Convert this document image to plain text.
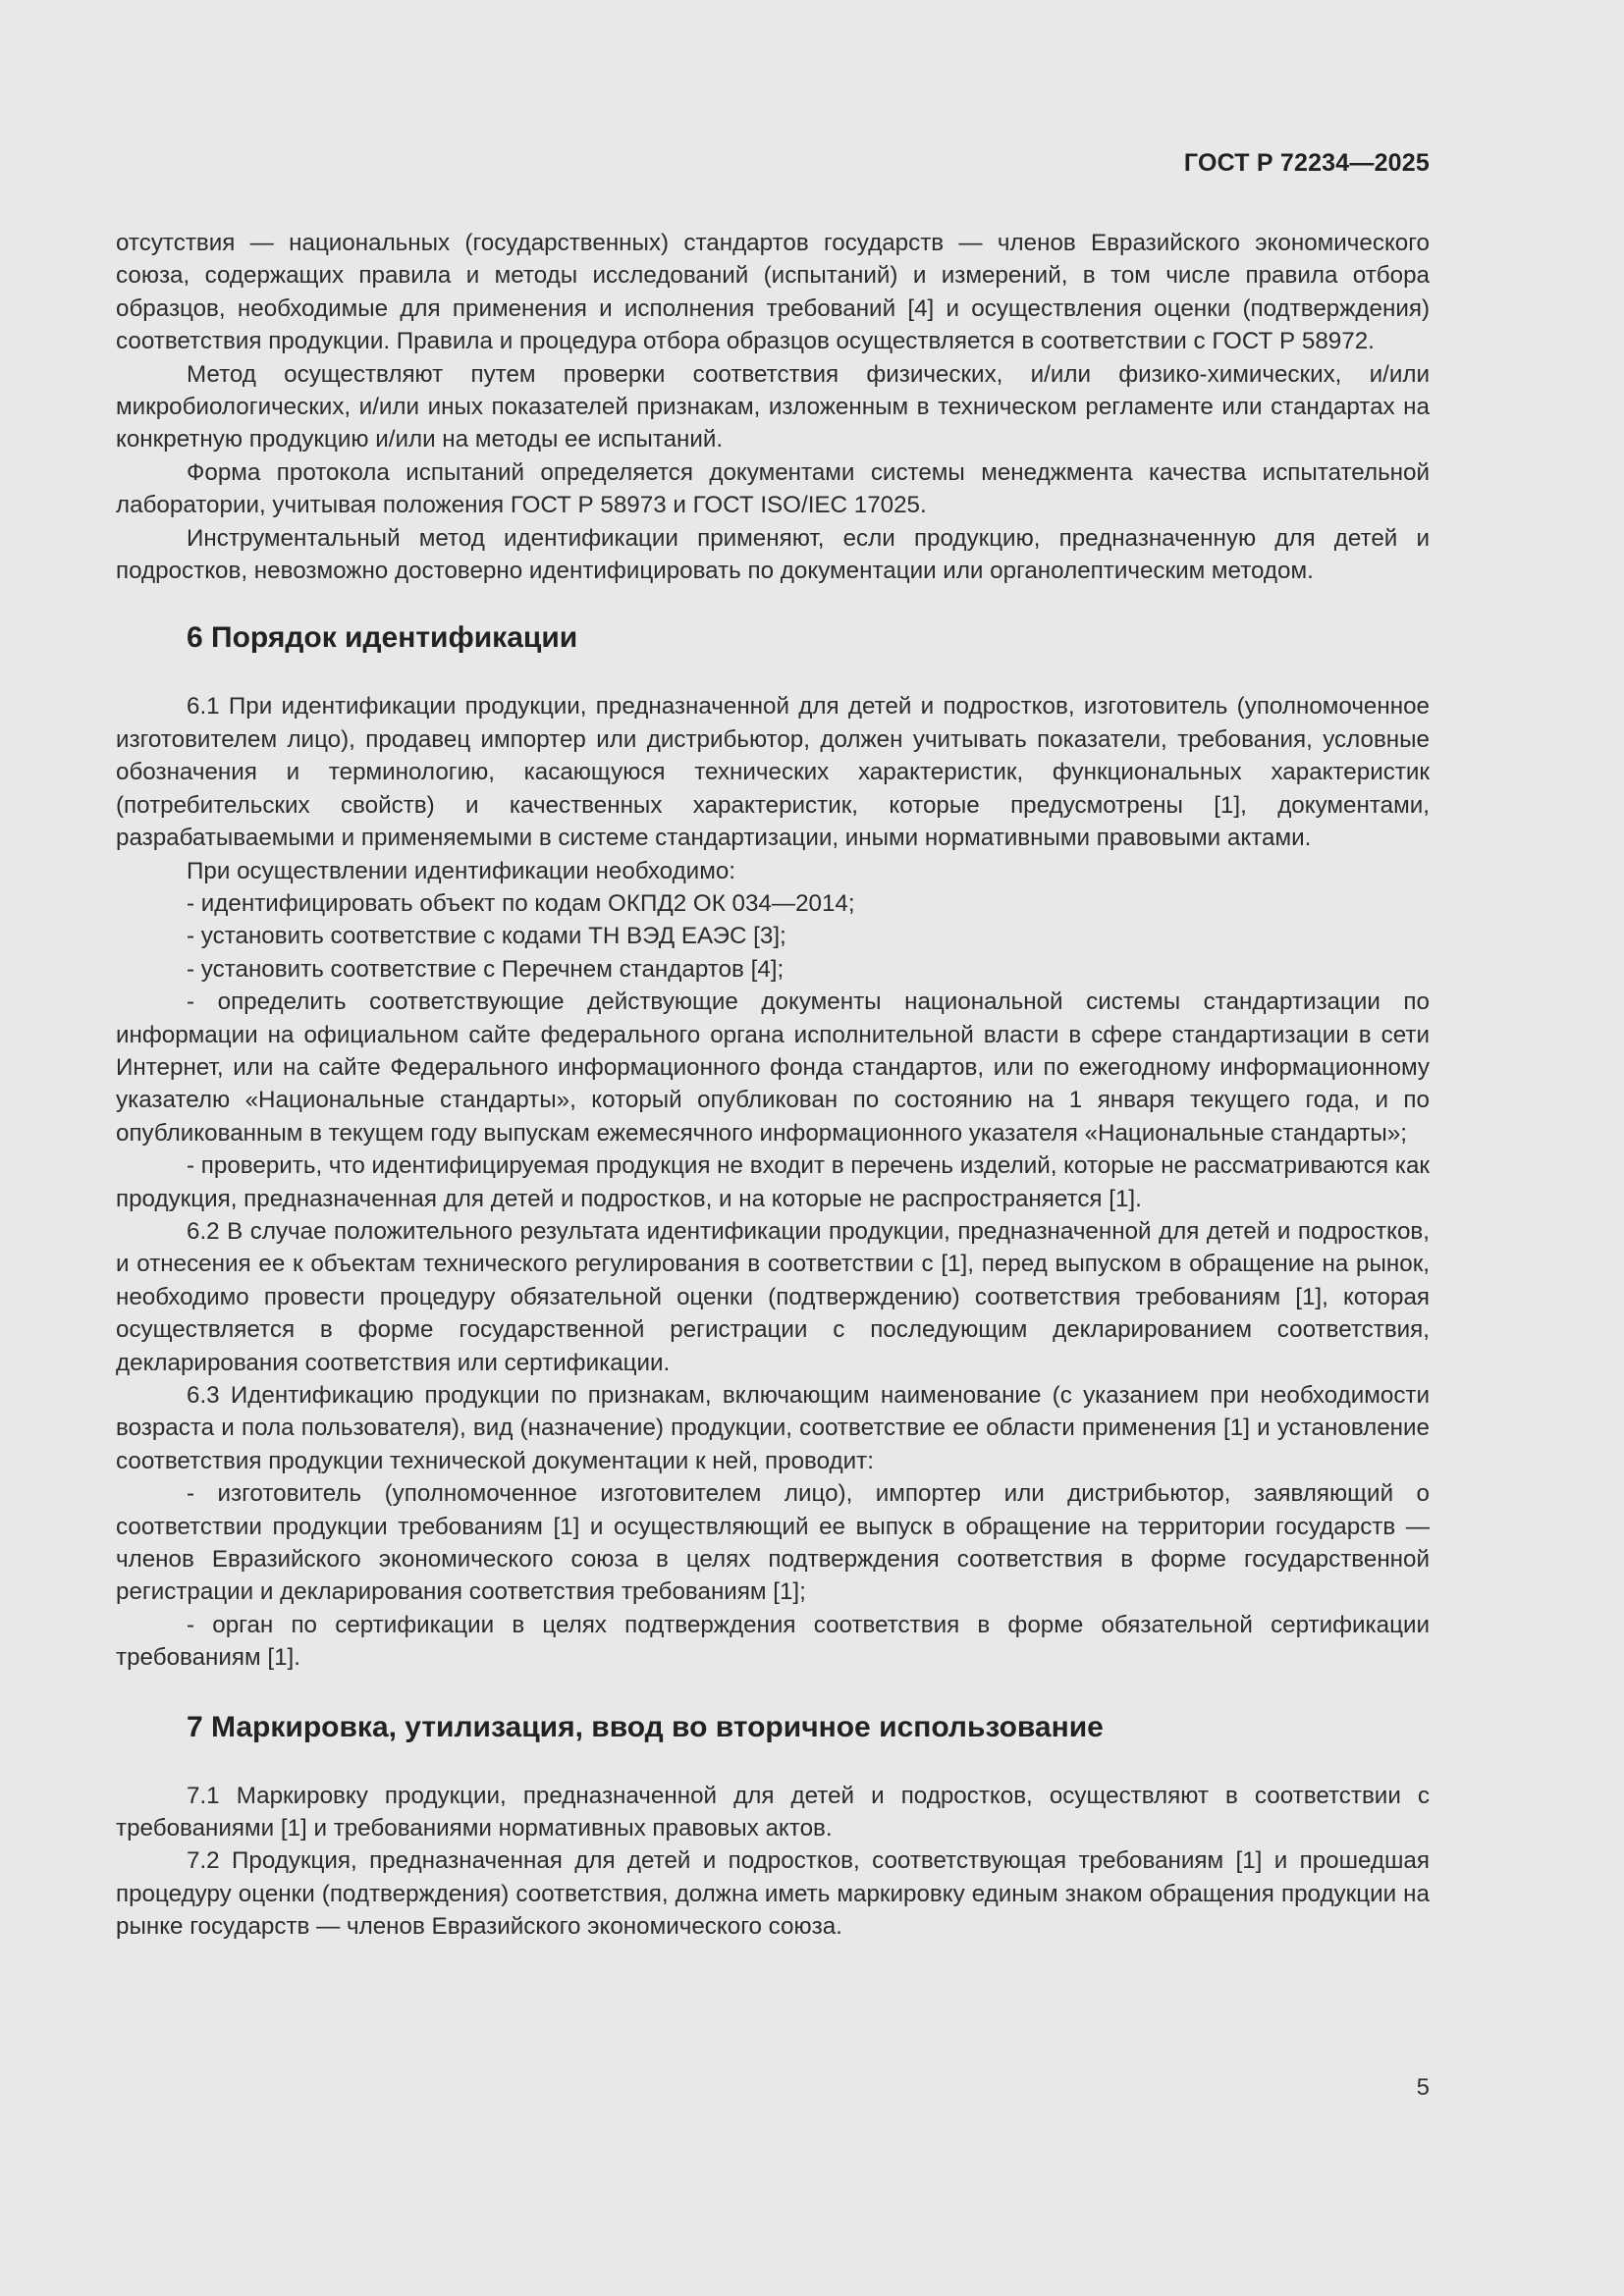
ГОСТ Р 72234—2025

отсутствия — национальных (государственных) стандартов государств — членов Евразийского экономического союза, содержащих правила и методы исследований (испытаний) и измерений, в том числе правила отбора образцов, необходимые для применения и исполнения требований [4] и осуществления оценки (подтверждения) соответствия продукции. Правила и процедура отбора образцов осуществляется в соответствии с ГОСТ Р 58972.

Метод осуществляют путем проверки соответствия физических, и/или физико-химических, и/или микробиологических, и/или иных показателей признакам, изложенным в техническом регламенте или стандартах на конкретную продукцию и/или на методы ее испытаний.

Форма протокола испытаний определяется документами системы менеджмента качества испытательной лаборатории, учитывая положения ГОСТ Р 58973 и ГОСТ ISO/IEC 17025.

Инструментальный метод идентификации применяют, если продукцию, предназначенную для детей и подростков, невозможно достоверно идентифицировать по документации или органолептическим методом.

6 Порядок идентификации

6.1 При идентификации продукции, предназначенной для детей и подростков, изготовитель (уполномоченное изготовителем лицо), продавец импортер или дистрибьютор, должен учитывать показатели, требования, условные обозначения и терминологию, касающуюся технических характеристик, функциональных характеристик (потребительских свойств) и качественных характеристик, которые предусмотрены [1], документами, разрабатываемыми и применяемыми в системе стандартизации, иными нормативными правовыми актами.

При осуществлении идентификации необходимо:

- идентифицировать объект по кодам ОКПД2 ОК 034—2014;

- установить соответствие с кодами ТН ВЭД ЕАЭС [3];

- установить соответствие с Перечнем стандартов [4];

- определить соответствующие действующие документы национальной системы стандартизации по информации на официальном сайте федерального органа исполнительной власти в сфере стандартизации в сети Интернет, или на сайте Федерального информационного фонда стандартов, или по ежегодному информационному указателю «Национальные стандарты», который опубликован по состоянию на 1 января текущего года, и по опубликованным в текущем году выпускам ежемесячного информационного указателя «Национальные стандарты»;

- проверить, что идентифицируемая продукция не входит в перечень изделий, которые не рассматриваются как продукция, предназначенная для детей и подростков, и на которые не распространяется [1].

6.2 В случае положительного результата идентификации продукции, предназначенной для детей и подростков, и отнесения ее к объектам технического регулирования в соответствии с [1], перед выпуском в обращение на рынок, необходимо провести процедуру обязательной оценки (подтверждению) соответствия требованиям [1], которая осуществляется в форме государственной регистрации с последующим декларированием соответствия, декларирования соответствия или сертификации.

6.3 Идентификацию продукции по признакам, включающим наименование (с указанием при необходимости возраста и пола пользователя), вид (назначение) продукции, соответствие ее области применения [1] и установление соответствия продукции технической документации к ней, проводит:

- изготовитель (уполномоченное изготовителем лицо), импортер или дистрибьютор, заявляющий о соответствии продукции требованиям [1] и осуществляющий ее выпуск в обращение на территории государств — членов Евразийского экономического союза в целях подтверждения соответствия в форме государственной регистрации и декларирования соответствия требованиям [1];

- орган по сертификации в целях подтверждения соответствия в форме обязательной сертификации требованиям [1].

7 Маркировка, утилизация, ввод во вторичное использование

7.1 Маркировку продукции, предназначенной для детей и подростков, осуществляют в соответствии с требованиями [1] и требованиями нормативных правовых актов.

7.2 Продукция, предназначенная для детей и подростков, соответствующая требованиям [1] и прошедшая процедуру оценки (подтверждения) соответствия, должна иметь маркировку единым знаком обращения продукции на рынке государств — членов Евразийского экономического союза.

5
